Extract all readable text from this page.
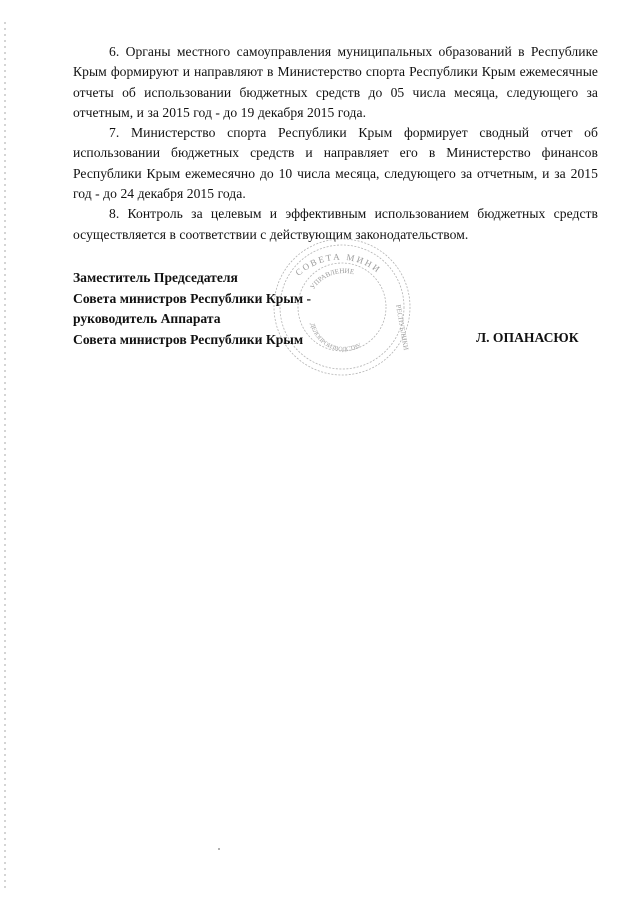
6. Органы местного самоуправления муниципальных образований в Республике Крым формируют и направляют в Министерство спорта Республики Крым ежемесячные отчеты об использовании бюджетных средств до 05 числа месяца, следующего за отчетным, и за 2015 год - до 19 декабря 2015 года.

7. Министерство спорта Республики Крым формирует сводный отчет об использовании бюджетных средств и направляет его в Министерство финансов Республики Крым ежемесячно до 10 числа месяца, следующего за отчетным, и за 2015 год - до 24 декабря 2015 года.

8. Контроль за целевым и эффективным использованием бюджетных средств осуществляется в соответствии с действующим законодательством.

СОВЕТА МИНИ
УПРАВЛЕНИЕ
ДЕЛОПРОИЗВОДСТВУ	РЕСПУБЛИКИ
Заместитель Председателя
Совета министров Республики Крым -
руководитель Аппарата
Совета министров Республики Крым	Л. ОПАНАСЮК
